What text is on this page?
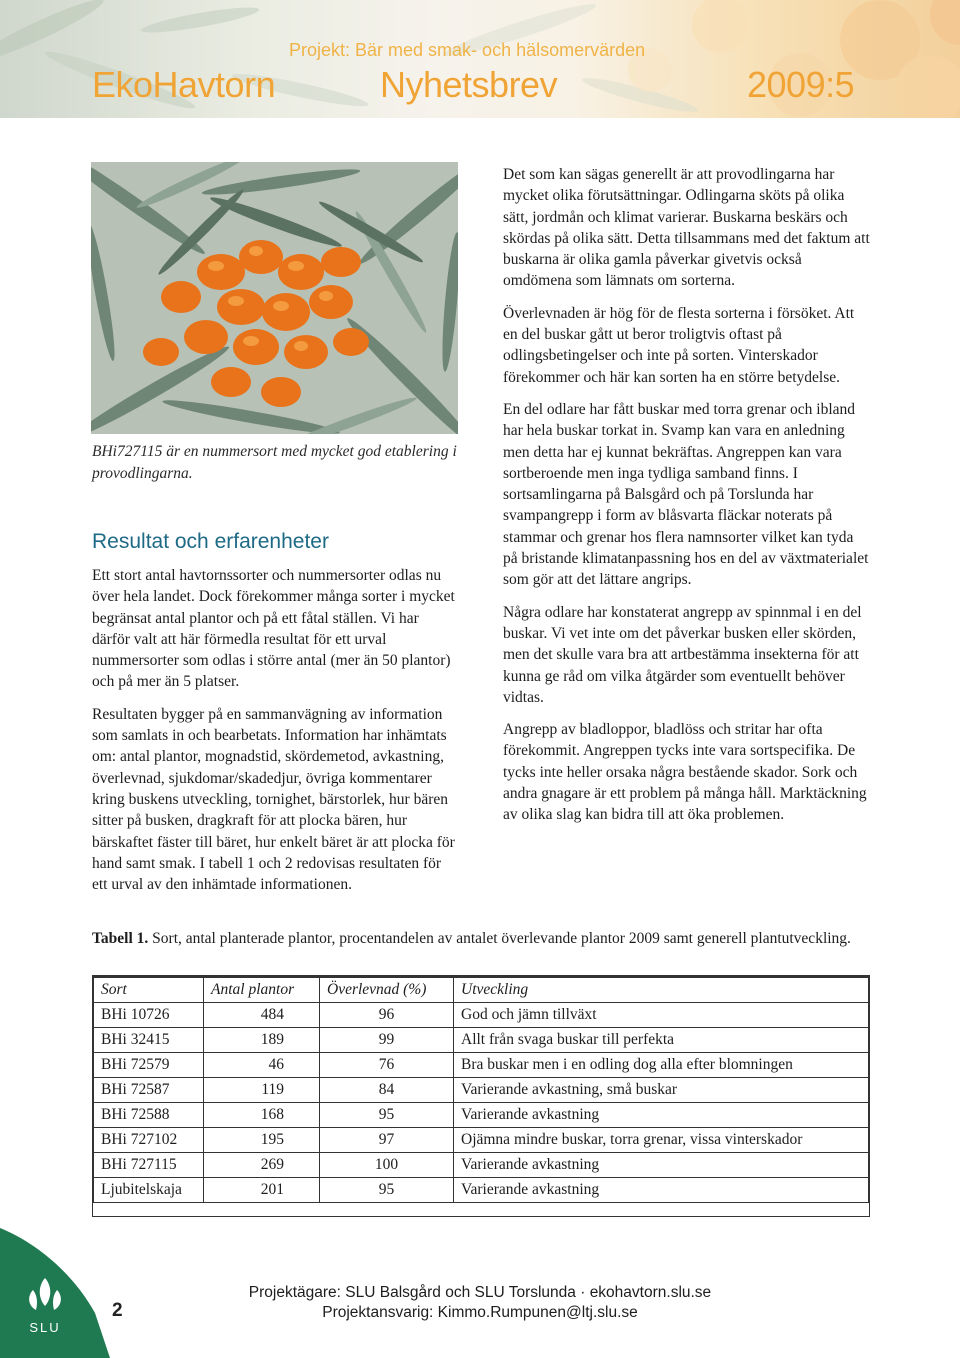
Projekt: Bär med smak- och hälsomervärden
EkoHavtorn	Nyhetsbrev	2009:5
BHi727115 är en nummersort med mycket god etablering i provodlingarna.
Resultat och erfarenheter

Ett stort antal havtornssorter och nummersorter odlas nu över hela landet. Dock förekommer många sorter i mycket begränsat antal plantor och på ett fåtal ställen. Vi har därför valt att här förmedla resultat för ett urval nummersorter som odlas i större antal (mer än 50 plantor) och på mer än 5 platser.

Resultaten bygger på en sammanvägning av information som samlats in och bearbetats. Information har inhämtats om: antal plantor, mognadstid, skördemetod, avkastning, överlevnad, sjukdomar/skadedjur, övriga kommentarer kring buskens utveckling, tornighet, bärstorlek, hur bären sitter på busken, dragkraft för att plocka bären, hur bärskaftet fäster till bäret, hur enkelt bäret är att plocka för hand samt smak. I tabell 1 och 2 redovisas resultaten för ett urval av den inhämtade informationen.

Det som kan sägas generellt är att provodlingarna har mycket olika förutsättningar. Odlingarna sköts på olika sätt, jordmån och klimat varierar. Buskarna beskärs och skördas på olika sätt. Detta tillsammans med det faktum att buskarna är olika gamla påverkar givetvis också omdömena som lämnats om sorterna.

Överlevnaden är hög för de flesta sorterna i försöket. Att en del buskar gått ut beror troligtvis oftast på odlingsbetingelser och inte på sorten. Vinterskador förekommer och här kan sorten ha en större betydelse.

En del odlare har fått buskar med torra grenar och ibland har hela buskar torkat in. Svamp kan vara en anledning men detta har ej kunnat bekräftas. Angreppen kan vara sortberoende men inga tydliga samband finns. I sortsamlingarna på Balsgård och på Torslunda har svampangrepp i form av blåsvarta fläckar noterats på stammar och grenar hos flera namnsorter vilket kan tyda på bristande klimatanpassning hos en del av växtmaterialet som gör att det lättare angrips.

Några odlare har konstaterat angrepp av spinnmal i en del buskar. Vi vet inte om det påverkar busken eller skörden, men det skulle vara bra att artbestämma insekterna för att kunna ge råd om vilka åtgärder som eventuellt behöver vidtas.

Angrepp av bladloppor, bladlöss och stritar har ofta förekommit. Angreppen tycks inte vara sortspecifika. De tycks inte heller orsaka några bestående skador. Sork och andra gnagare är ett problem på många håll. Marktäckning av olika slag kan bidra till att öka problemen.

Tabell 1. Sort, antal planterade plantor, procentandelen av antalet överlevande plantor 2009 samt generell plantutveckling.
Sort	Antal plantor	Överlevnad (%)	Utveckling
BHi 10726	484	96	God och jämn tillväxt
BHi 32415	189	99	Allt från svaga buskar till perfekta
BHi 72579	46	76	Bra buskar men i en odling dog alla efter blomningen
BHi 72587	119	84	Varierande avkastning, små buskar
BHi 72588	168	95	Varierande avkastning
BHi 727102	195	97	Ojämna mindre buskar, torra grenar, vissa vinterskador
BHi 727115	269	100	Varierande avkastning
Ljubitelskaja	201	95	Varierande avkastning
SLU
2
Projektägare: SLU Balsgård och SLU Torslunda · ekohavtorn.slu.se
Projektansvarig: Kimmo.Rumpunen@ltj.slu.se
